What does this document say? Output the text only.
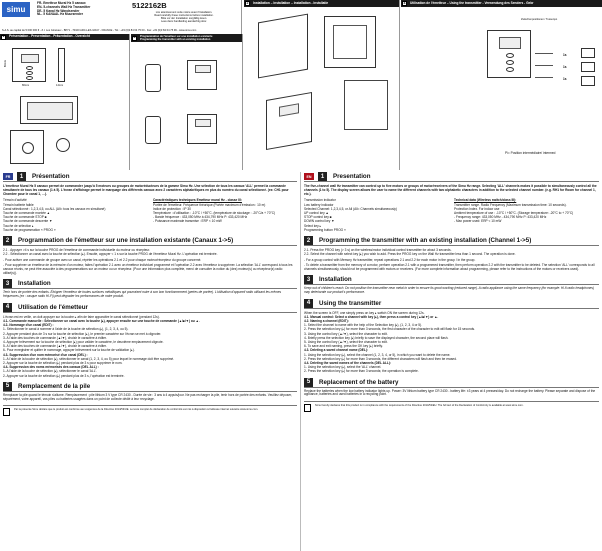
simu
FR- Emetteur Mural Hz 5 canaux
EN- 5-channels Wall Hz Transmitter
DE- 5 Kanal Hz Wandsender
NL- 5 KANAAL Hz Muurzender
5122162B
Lire attentivement cette notice avant l'installation.
Read carefully these instructions before installation.
Bitte vor der Installation sorgfältig lesen.
Lees deze handleiding aandachtig door.
S.A.S. au capital de 5 000 000 € - Z.I. Les Giranaux - BP71 - 70100 ARC-LES-GRAY - FRANCE - Tél.: +33 (0)3 84 64 75 00 - Fax: +33 (0)3 84 64 75 99 - www.simu.com
1	Présentation - Presentation - Präsentation - Overzicht
80mm
80mm
14mm
3	Programmation de l'émetteur sur une installation existante
Programming the transmitter with an existing installation
2	Installation – Installation – Installation - Installatie	4	Utilisation de l'émetteur – Using the transmitter - Verwendung des Senders - Gebr
Zwischenpositionen / Tussenpo
1s
1s
1s
Pi= Position intermédiaire/ intermed
FR	1	Présentation
L'émetteur Mural Hz 5 canaux permet de commander jusqu'à 5 moteurs ou groupes de motoréducteurs de la gamme Simu Hz. Une sélection de tous les canaux 'ALL' permet la commande simultanée de tous les canaux (1 à 5). L'écran d'affichage permet le marquage des différents canaux avec 2 caractères alphabétiques en plus du numéro du canal sélectionné. (ex: CH1 pour Chambre pour le canal 1, …).
Témoin d'activité
Témoin batterie faible
Canal sélectionné : 1,2,3,4,5, ou ALL (All= tous les canaux en simultané)
Touche de commande montée ▲
Touche de commande STOP ■
Touche de commande descente ▼
Touche de sélection ▸
Touche de programmation « PROG »
Caractéristiques techniques Emetteur mural Hz - classe III:
Portée de l'émetteur. Fréquence théorique (Portée maximum d'émission : 10 m)
Indice de protection : IP 30
Température : d'utilisation : -10°C / +50°C. (température de stockage : -20°C/a + 70°C)
- Bande fréquence : 433,050 MHz à 434,790 MHz P: 433,420 MHz
- Puissance maximale transmise : ERP < 10 mW
2	Programmation de l'émetteur sur une installation existante (Canaux 1->5)
2.1 - Appuyer >4 s sur la touche PROG de l'émetteur de commande individuelle du moteur ou récepteur.
2.2 - Sélectionner un canal avec la touche de sélection (▸). Ensuite, appuyer < 1 s sur la touche PROG de l'émetteur Mural Hz. L'opération est terminée.
- Pour activer une commande de groupe avec un canal, répéter les opérations 2.1 et 2.2 pour chaque moteur/récepteur du groupe concerné.
- Pour supprimer un émetteur de la mémoire d'un moteur, faites l'opération 2.1 avec un émetteur individuel programmé et l'opération 2.2 avec l'émetteur à supprimer. La sélection 'ALL' correspond à tous les canaux réunis, ne peut être associée à des programmations sur un moteur ou un récepteur. (Pour une information plus complète, merci de consulter la notice du (des) moteur(s) ou récepteur(s) radio utilisé(s)).
3	Installation
Tenir hors de portée des enfants. Éloigner l'émetteur de toutes surfaces métalliques qui pourraient nuire à son bon fonctionnement (pertes de portée). L'utilisation d'appareil radio utilisant les mêmes fréquences (ex : casque radio Hi-Fi) peut dégrader les performances de notre produit.
4	Utilisation de l'émetteur
L'écran est en veille, on doit appuyer sur la touche ▸ afin de faire apparaître le canal sélectionné (pendant 12s).
4.1- Commande manuelle : Sélectionner un canal avec la touche (▸), appuyer ensuite sur une touche de commande (▲/■/▼) ou ▲.
4.2- Nommage d'un canal (EDIT) :
1- Sélectionner le canal à nommer à l'aide de la touche de sélection (▸), (1, 2, 3, 4, ou 5).
2- Appuyer pendant plus de 3 s sur la touche de sélection (▸), le premier caractère sur l'écran se met à clignoter.
3- A l'aide des touches de commande (▲/▼), choisir le caractère à éditer.
4- Appuyer brièvement sur la touche de sélection (▸) pour valider le caractère, le deuxième emplacement clignote.
5- A l'aide des touches de commande (▲/▼), choisir le caractère à éditer.
6- Pour enregistrer et quitter le nommage, appuyer brièvement sur la touche de validation (▸).
4.3- Suppression d'un nom mémorisé d'un canal (DEL) :
1- A l'aide de la touche de sélection (▸), sélectionner le canal (1, 2, 3, 4, ou 5) pour lequel le nommage doit être supprimé.
2- Appuyer sur la touche de sélection (▸) pendant plus de 3 s pour supprimer le nom.
4.4- Suppression des noms mémorisés des canaux (DEL ALL) :
1- A l'aide de la touche de sélection (▸), sélectionner le canal 'ALL'.
2- Appuyer sur la touche de sélection (▸) pendant plus de 3 s, l'opération est terminée.
5	Remplacement de la pile
Remplacer la pile quand le témoin s'allume. Remplacement : pile lithium 3 V type CR 2430 - Durée de vie : 3 ans à 4 appuis/jour. Ne pas recharger la pile, tenir hors de portée des enfants. Veuillez déposer, séparément, votre appareil, vos piles ou batteries usagées dans un point de collecte dédié à leur recyclage.
Par la présente Simu déclare que le produit est conforme aux exigences de la Directive 2014/53/UE. Le texte complet de déclaration de conformité est mis à disposition à l'adresse internet suivante www.simu.com.
EN	1	Presentation
The five-channel wall Hz transmitter can control up to five motors or groups of motor/receivers of the Simu Hz range. Selecting 'ALL' channels makes it possible to simultaneously control all the channels (1 to 5). The display screen allows the user to name the different channels with two alphabetic characters in addition to the selected channel number. (e.g. RH1 for Room for channel 1, etc.).
Transmission indicator
Low battery indicator
Selected Channel: 1,2,3,4,5, or All (All= Channels simultaneously)
UP control key ▲
STOP control key ■
DOWN control key ▼
Select key ▸
Programming button PROG »
Technical data (Wireless switch/class III):
Transmitter range. Radio Frequency (Maximum transmission time: 10 seconds).
Protection Index. For indoor use
Ambient temperature of use : -10°C / +50°C. (Storage temperature: -20°C to + 70°C)
- Frequency range: 433,050 MHz - 434,790 MHz P: 433,420 MHz
- Max power used: ERP < 10 mW
2	Programming the transmitter with an existing installation (Channel 1->5)
2.1- Press the PROG key (> 3 s) on the wireless/motor individual control transmitter for about 3 seconds.
2.2- Select the channel with select key (▸) you wish to add. Press the PROG key on the Wall Hz transmitter less than 1 second. The operation is done.
- For a group control with Memory Hz transmitter, repeat operations 2.1 and 2.2 for each motor in the group / in the group.
- To delete a transmitter from the memory of a motor, perform operation 2.1 with a programmed transmitter, then perform operation 2.2 with the transmitter to be deleted. The selection 'ALL' corresponds to all channels simultaneously, should not be programmed with motors or receivers. (For more complete information about programming, please refer to the instructions of the motors or receivers used).
3	Installation
Keep out of children's reach. Do not position the transmitter near metal in order to ensure its good working (reduced range). A radio appliance using the same frequency (for example: Hi-fi radio headphones) may deteriorate our product's performance.
4	Using the transmitter
When the screen is OFF, one simply press on key ▸ switch ON the screen during 12s.
4.1. Manual control: Select a channel with key (▸), then press a control key (▲/■/▼) or ▲.
4.2. Naming a channel (EDIT):
1- Select the channel to name with the help of the Selection key (▸), (1, 2, 3, 4 or 5).
2- Press the selection key (▸) for more than 3 seconds, the first character of the character to edit will flash for 15 seconds.
3- Using the control key (▲/▼), select the character to edit.
4- Briefly press the selection key (▸) briefly to save the displayed character, the second place will flash.
5- Using the control key (▲/▼), select the character to edit.
6- To save and exit naming, press the OK key (▸) briefly.
4.3. Deleting a saved channel name (DEL):
1- Using the selection key (▸), select the channel (1, 2, 3, 4, or 5), in which you want to delete the name.
2- Press the selection key (▸) for more than 3 seconds, the different characters will flash and then be erased.
4.4. Deleting the saved names of the channels (DEL ALL):
1- Using the selection key (▸), select the 'ALL' channel.
2- Press the selection key (▸) for more than 3 seconds; the operation is complete.
5	Replacement of the battery
Replace the batteries when the low battery indicator lights up. Power: 3V lithium battery type CR 2430 - battery life: ±3 years at 4 presses/day. Do not recharge the battery. Please separate and dispose of the appliance, batteries and used batteries in a recycling point.
Simu hereby declares that this product is in compliance with the requirements of the Directive 2014/53/EU. The full text of the Declaration of Conformity is available at www.simu.com.
